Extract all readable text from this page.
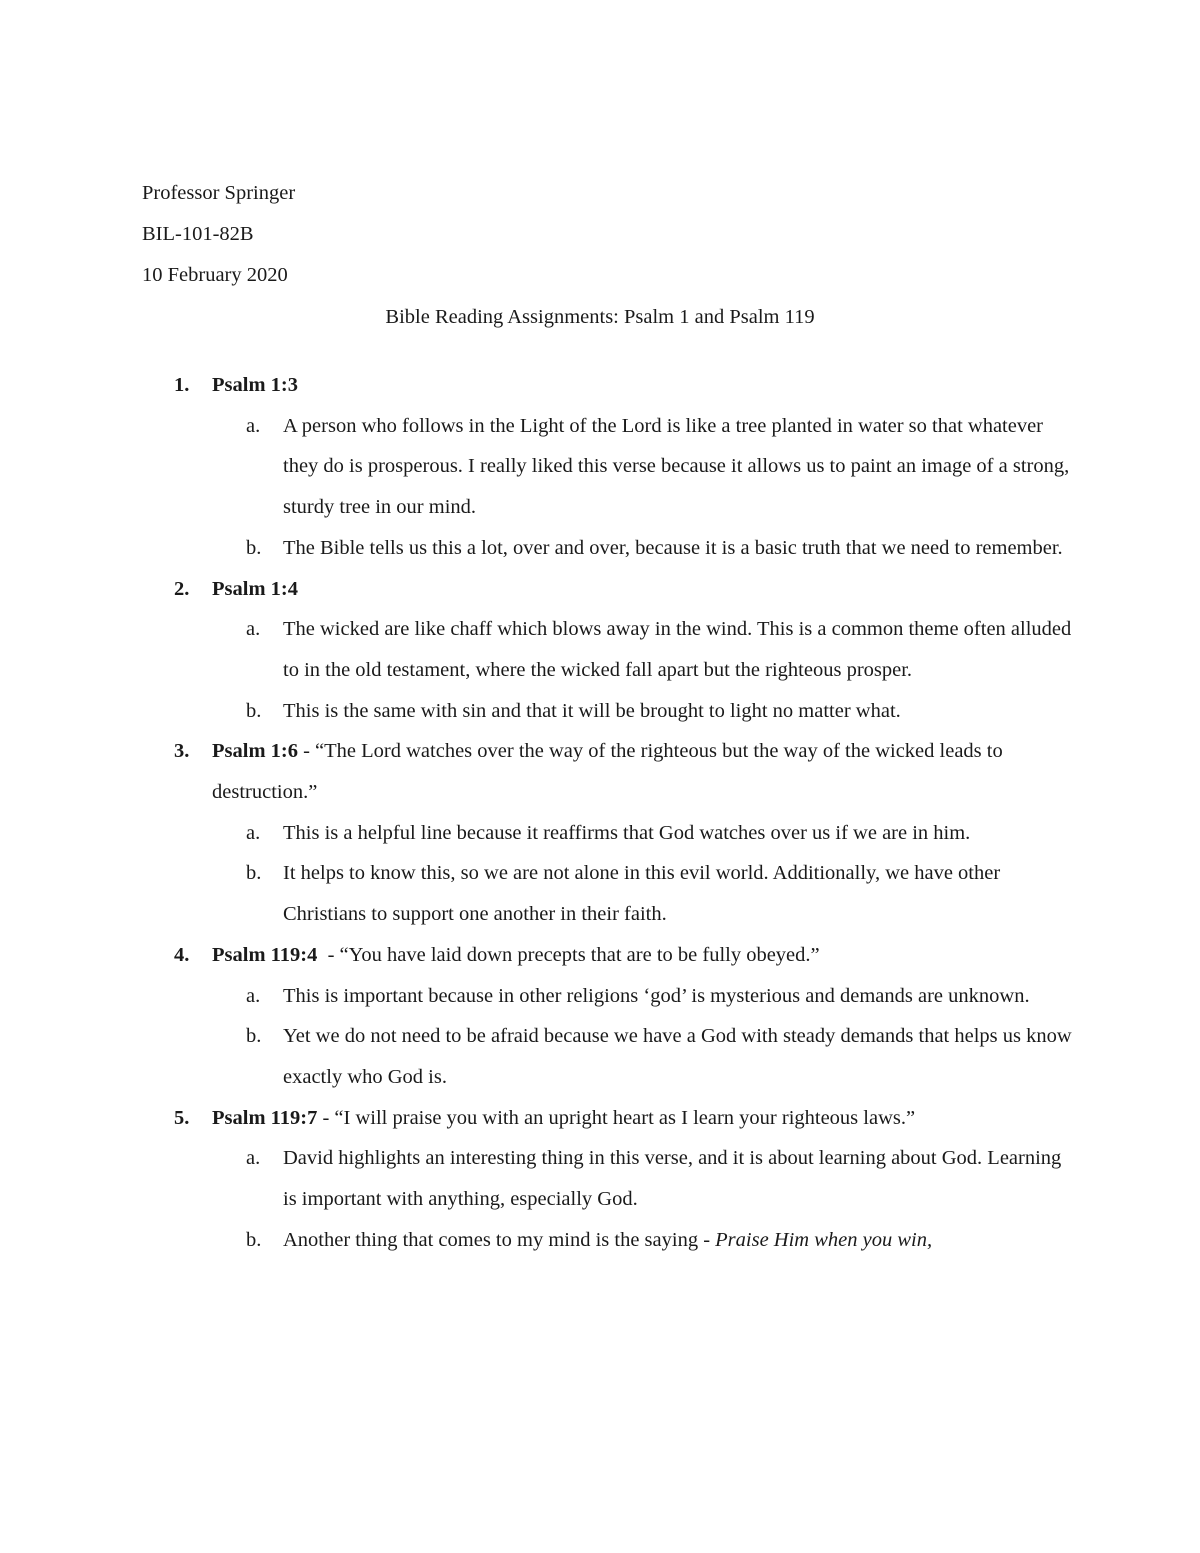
Professor Springer
BIL-101-82B
10 February 2020
Bible Reading Assignments: Psalm 1 and Psalm 119
1. Psalm 1:3
a. A person who follows in the Light of the Lord is like a tree planted in water so that whatever they do is prosperous. I really liked this verse because it allows us to paint an image of a strong, sturdy tree in our mind.
b. The Bible tells us this a lot, over and over, because it is a basic truth that we need to remember.
2. Psalm 1:4
a. The wicked are like chaff which blows away in the wind. This is a common theme often alluded to in the old testament, where the wicked fall apart but the righteous prosper.
b. This is the same with sin and that it will be brought to light no matter what.
3. Psalm 1:6 - “The Lord watches over the way of the righteous but the way of the wicked leads to destruction.”
a. This is a helpful line because it reaffirms that God watches over us if we are in him.
b. It helps to know this, so we are not alone in this evil world. Additionally, we have other Christians to support one another in their faith.
4. Psalm 119:4  - “You have laid down precepts that are to be fully obeyed.”
a. This is important because in other religions ‘god’ is mysterious and demands are unknown.
b. Yet we do not need to be afraid because we have a God with steady demands that helps us know exactly who God is.
5. Psalm 119:7 - “I will praise you with an upright heart as I learn your righteous laws.”
a. David highlights an interesting thing in this verse, and it is about learning about God. Learning is important with anything, especially God.
b. Another thing that comes to my mind is the saying - Praise Him when you win,
